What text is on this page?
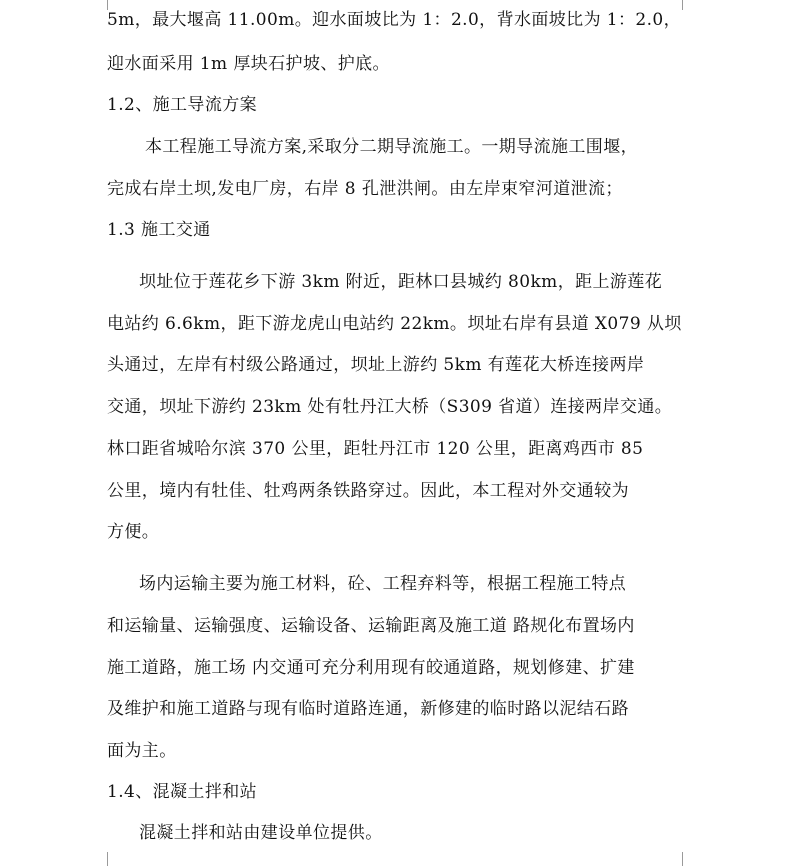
5m，最大堰高 11.00m。迎水面坡比为 1：2.0，背水面坡比为 1：2.0，
迎水面采用 1m 厚块石护坡、护底。
1.2、施工导流方案
本工程施工导流方案,采取分二期导流施工。一期导流施工围堰，
完成右岸土坝,发电厂房，右岸 8 孔泄洪闸。由左岸束窄河道泄流；
1.3 施工交通
坝址位于莲花乡下游 3km 附近，距林口县城约 80km，距上游莲花
电站约 6.6km，距下游龙虎山电站约 22km。坝址右岸有县道 X079 从坝
头通过，左岸有村级公路通过，坝址上游约 5km 有莲花大桥连接两岸
交通，坝址下游约 23km 处有牡丹江大桥（S309 省道）连接两岸交通。
林口距省城哈尔滨 370 公里，距牡丹江市 120 公里，距离鸡西市 85
公里，境内有牡佳、牡鸡两条铁路穿过。因此，本工程对外交通较为
方便。
场内运输主要为施工材料，砼、工程弃料等，根据工程施工特点
和运输量、运输强度、运输设备、运输距离及施工道 路规化布置场内
施工道路，施工场 内交通可充分利用现有皎通道路，规划修建、扩建
及维护和施工道路与现有临时道路连通，新修建的临时路以泥结石路
面为主。
1.4、混凝土拌和站
混凝土拌和站由建设单位提供。
